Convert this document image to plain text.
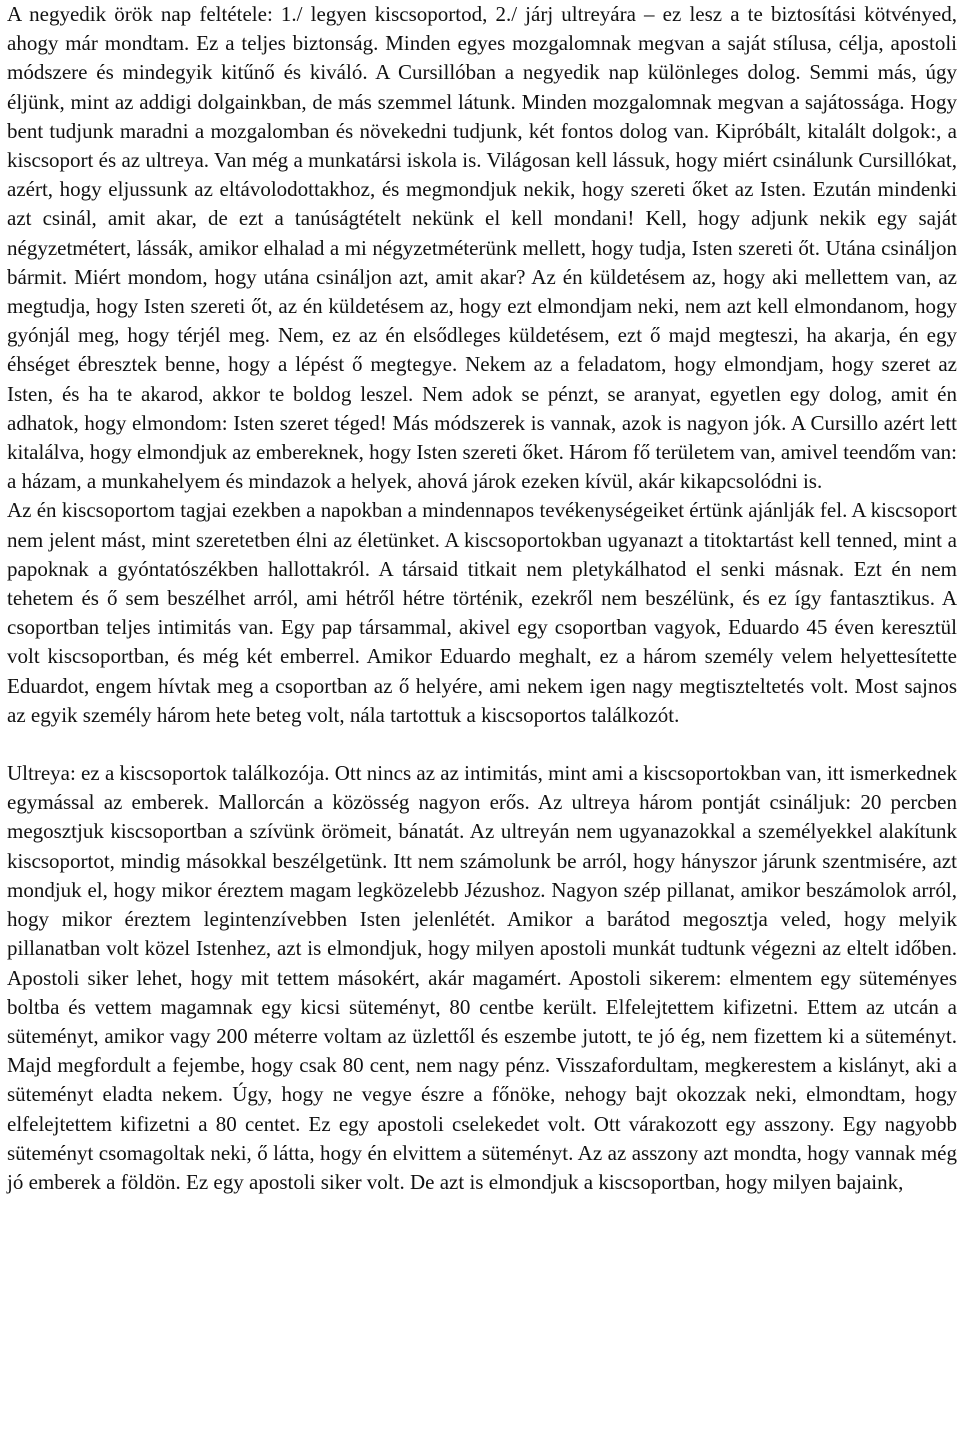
A negyedik örök nap feltétele: 1./ legyen kiscsoportod, 2./ járj ultreyára – ez lesz a te biztosítási kötvényed, ahogy már mondtam. Ez a teljes biztonság. Minden egyes mozgalomnak megvan a saját stílusa, célja, apostoli módszere és mindegyik kitűnő és kiváló. A Cursillóban a negyedik nap különleges dolog. Semmi más, úgy éljünk, mint az addigi dolgainkban, de más szemmel látunk. Minden mozgalomnak megvan a sajátossága. Hogy bent tudjunk maradni a mozgalomban és növekedni tudjunk, két fontos dolog van. Kipróbált, kitalált dolgok:, a kiscsoport és az ultreya. Van még a munkatársi iskola is. Világosan kell lássuk, hogy miért csinálunk Cursillókat, azért, hogy eljussunk az eltávolodottakhoz, és megmondjuk nekik, hogy szereti őket az Isten. Ezután mindenki azt csinál, amit akar, de ezt a tanúságtételt nekünk el kell mondani! Kell, hogy adjunk nekik egy saját négyzetmétert, lássák, amikor elhalad a mi négyzetméterünk mellett, hogy tudja, Isten szereti őt. Utána csináljon bármit. Miért mondom, hogy utána csináljon azt, amit akar? Az én küldetésem az, hogy aki mellettem van, az megtudja, hogy Isten szereti őt, az én küldetésem az, hogy ezt elmondjam neki, nem azt kell elmondanom, hogy gyónjál meg, hogy térjél meg. Nem, ez az én elsődleges küldetésem, ezt ő majd megteszi, ha akarja, én egy éhséget ébresztek benne, hogy a lépést ő megtegye. Nekem az a feladatom, hogy elmondjam, hogy szeret az Isten, és ha te akarod, akkor te boldog leszel. Nem adok se pénzt, se aranyat, egyetlen egy dolog, amit én adhatok, hogy elmondom: Isten szeret téged! Más módszerek is vannak, azok is nagyon jók. A Cursillo azért lett kitalálva, hogy elmondjuk az embereknek, hogy Isten szereti őket. Három fő területem van, amivel teendőm van: a házam, a munkahelyem és mindazok a helyek, ahová járok ezeken kívül, akár kikapcsolódni is.

Az én kiscsoportom tagjai ezekben a napokban a mindennapos tevékenységeiket értünk ajánlják fel. A kiscsoport nem jelent mást, mint szeretetben élni az életünket. A kiscsoportokban ugyanazt a titoktartást kell tenned, mint a papoknak a gyóntatószékben hallottakról. A társaid titkait nem pletykálhatod el senki másnak. Ezt én nem tehetem és ő sem beszélhet arról, ami hétről hétre történik, ezekről nem beszélünk, és ez így fantasztikus. A csoportban teljes intimitás van. Egy pap társammal, akivel egy csoportban vagyok, Eduardo 45 éven keresztül volt kiscsoportban, és még két emberrel. Amikor Eduardo meghalt, ez a három személy velem helyettesítette Eduardot, engem hívtak meg a csoportban az ő helyére, ami nekem igen nagy megtiszteltetés volt. Most sajnos az egyik személy három hete beteg volt, nála tartottuk a kiscsoportos találkozót.

Ultreya: ez a kiscsoportok találkozója. Ott nincs az az intimitás, mint ami a kiscsoportokban van, itt ismerkednek egymással az emberek. Mallorcán a közösség nagyon erős. Az ultreya három pontját csináljuk: 20 percben megosztjuk kiscsoportban a szívünk örömeit, bánatát. Az ultreyán nem ugyanazokkal a személyekkel alakítunk kiscsoportot, mindig másokkal beszélgetünk. Itt nem számolunk be arról, hogy hányszor járunk szentmisére, azt mondjuk el, hogy mikor éreztem magam legközelebb Jézushoz. Nagyon szép pillanat, amikor beszámolok arról, hogy mikor éreztem legintenzívebben Isten jelenlétét. Amikor a barátod megosztja veled, hogy melyik pillanatban volt közel Istenhez, azt is elmondjuk, hogy milyen apostoli munkát tudtunk végezni az eltelt időben. Apostoli siker lehet, hogy mit tettem másokért, akár magamért. Apostoli sikerem: elmentem egy süteményes boltba és vettem magamnak egy kicsi süteményt, 80 centbe került. Elfelejtettem kifizetni. Ettem az utcán a süteményt, amikor vagy 200 méterre voltam az üzlettől és eszembe jutott, te jó ég, nem fizettem ki a süteményt. Majd megfordult a fejembe, hogy csak 80 cent, nem nagy pénz. Visszafordultam, megkerestem a kislányt, aki a süteményt eladta nekem. Úgy, hogy ne vegye észre a főnöke, nehogy bajt okozzak neki, elmondtam, hogy elfelejtettem kifizetni a 80 centet. Ez egy apostoli cselekedet volt. Ott várakozott egy asszony. Egy nagyobb süteményt csomagoltak neki, ő látta, hogy én elvittem a süteményt. Az az asszony azt mondta, hogy vannak még jó emberek a földön. Ez egy apostoli siker volt. De azt is elmondjuk a kiscsoportban, hogy milyen bajaink,
